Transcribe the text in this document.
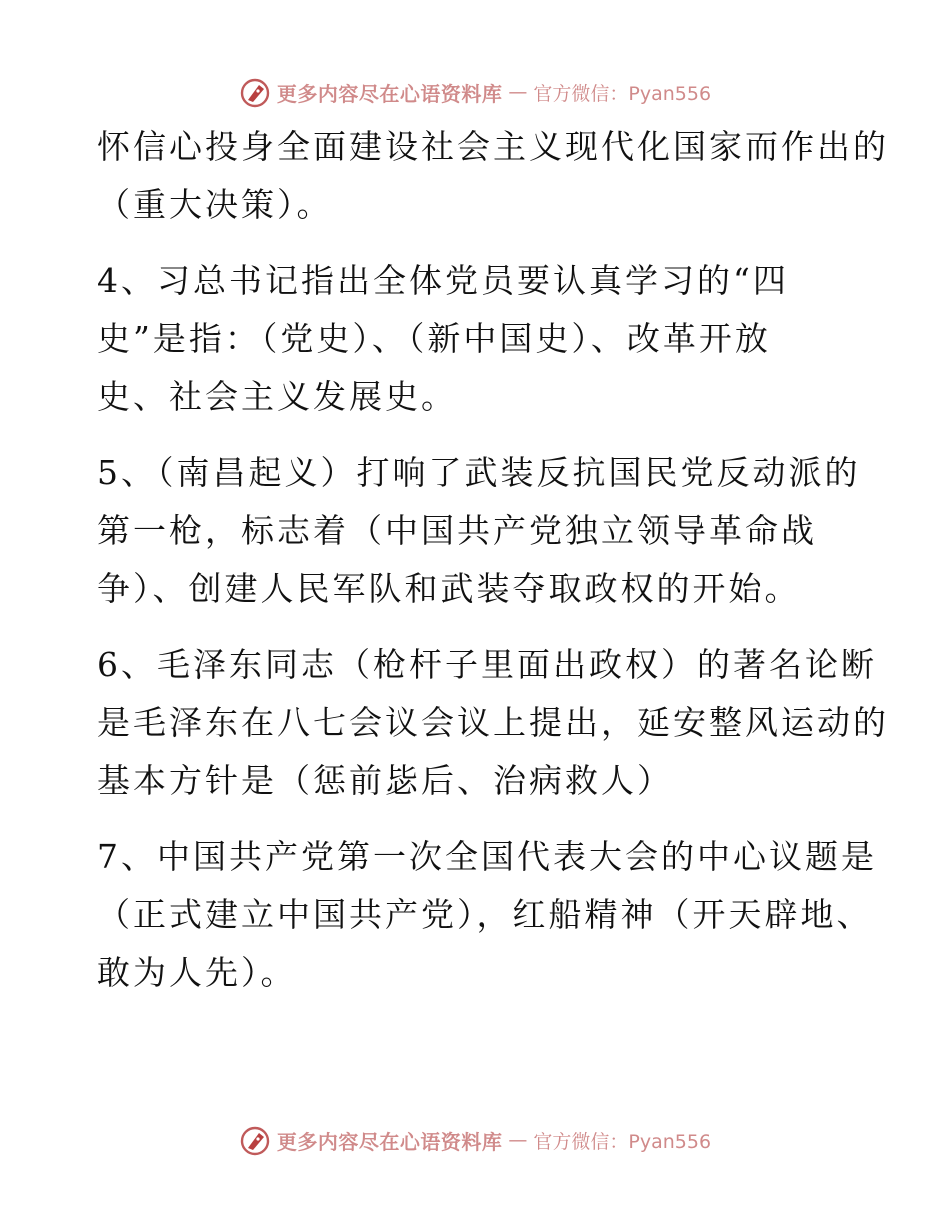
更多内容尽在心语资料库 — 官方微信：Pyan556
怀信心投身全面建设社会主义现代化国家而作出的
（重大决策）。
4、习总书记指出全体党员要认真学习的“四
史”是指：（党史）、（新中国史）、改革开放
史、社会主义发展史。
5、（南昌起义）打响了武装反抗国民党反动派的
第一枪，标志着（中国共产党独立领导革命战
争）、创建人民军队和武装夺取政权的开始。
6、毛泽东同志（枪杆子里面出政权）的著名论断
是毛泽东在八七会议会议上提出，延安整风运动的
基本方针是（惩前毖后、治病救人）
7、中国共产党第一次全国代表大会的中心议题是
（正式建立中国共产党），红船精神（开天辟地、
敢为人先）。
更多内容尽在心语资料库 — 官方微信：Pyan556
